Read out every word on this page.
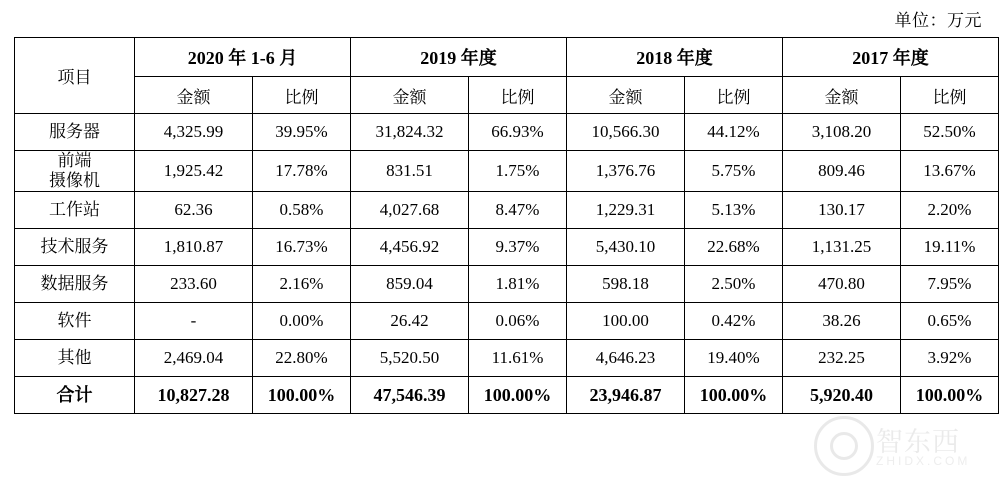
单位：万元
项目	2020 年 1-6 月		2019 年度		2018 年度		2017 年度	
	金额	比例	金额	比例	金额	比例	金额	比例
服务器	4,325.99	39.95%	31,824.32	66.93%	10,566.30	44.12%	3,108.20	52.50%

前端
摄像机	1,925.42	17.78%	831.51	1.75%	1,376.76	5.75%	809.46	13.67%
工作站	62.36	0.58%	4,027.68	8.47%	1,229.31	5.13%	130.17	2.20%
技术服务	1,810.87	16.73%	4,456.92	9.37%	5,430.10	22.68%	1,131.25	19.11%
数据服务	233.60	2.16%	859.04	1.81%	598.18	2.50%	470.80	7.95%
软件	-	0.00%	26.42	0.06%	100.00	0.42%	38.26	0.65%
其他	2,469.04	22.80%	5,520.50	11.61%	4,646.23	19.40%	232.25	3.92%
合计	10,827.28	100.00%	47,546.39	100.00%	23,946.87	100.00%	5,920.40	100.00%
智东西
ZHIDX.COM
